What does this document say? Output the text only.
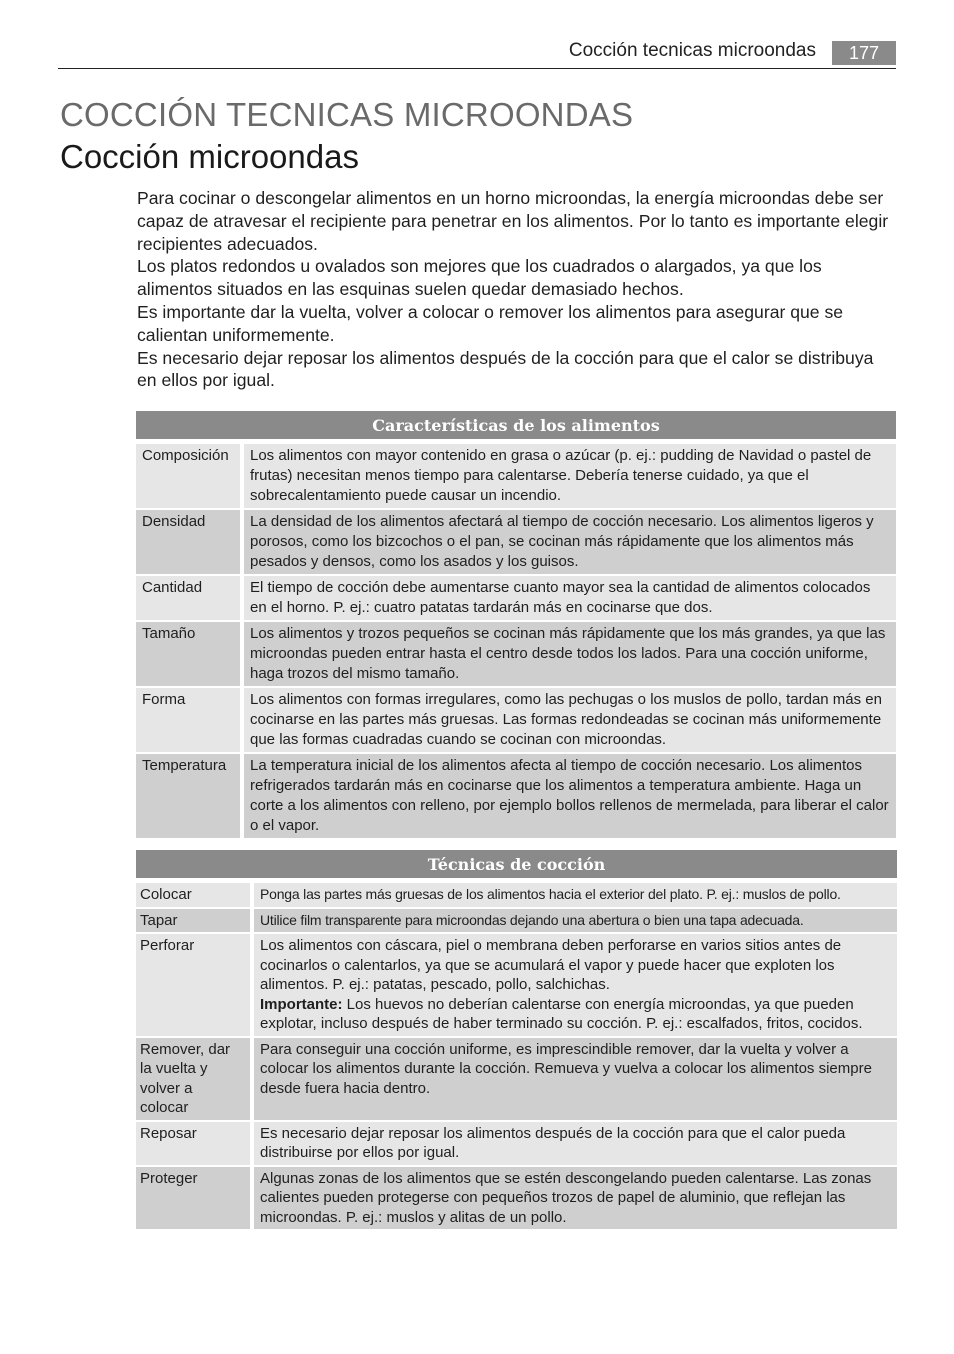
Cocción tecnicas microondas	177
COCCIÓN TECNICAS MICROONDAS
Cocción microondas

Para cocinar o descongelar alimentos en un horno microondas, la energía microondas debe ser capaz de atravesar el recipiente para penetrar en los alimentos. Por lo tanto es importante elegir recipientes adecuados.

Los platos redondos u ovalados son mejores que los cuadrados o alargados, ya que los alimentos situados en las esquinas suelen quedar demasiado hechos.

Es importante dar la vuelta, volver a colocar o remover los alimentos para asegurar que se calientan uniformemente.

Es necesario dejar reposar los alimentos después de la cocción para que el calor se distribuya en ellos por igual.

Características de los alimentos	

Composición	Los alimentos con mayor contenido en grasa o azúcar (p. ej.: pudding de Navidad o pastel de frutas) necesitan menos tiempo para calentarse. Debería tenerse cuidado, ya que el sobrecalentamiento puede causar un incendio.
Densidad	La densidad de los alimentos afectará al tiempo de cocción necesario. Los alimentos ligeros y porosos, como los bizcochos o el pan, se cocinan más rápidamente que los alimentos más pesados y densos, como los asados y los guisos.
Cantidad	El tiempo de cocción debe aumentarse cuanto mayor sea la cantidad de alimentos colocados en el horno. P. ej.: cuatro patatas tardarán más en cocinarse que dos.
Tamaño	Los alimentos y trozos pequeños se cocinan más rápidamente que los más grandes, ya que las microondas pueden entrar hasta el centro desde todos los lados. Para una cocción uniforme, haga trozos del mismo tamaño.
Forma	Los alimentos con formas irregulares, como las pechugas o los muslos de pollo, tardan más en cocinarse en las partes más gruesas. Las formas redondeadas se cocinan más uniformemente que las formas cuadradas cuando se cocinan con microondas.
Temperatura	La temperatura inicial de los alimentos afecta al tiempo de cocción necesario. Los alimentos refrigerados tardarán más en cocinarse que los alimentos a temperatura ambiente. Haga un corte a los alimentos con relleno, por ejemplo bollos rellenos de mermelada, para liberar el calor o el vapor.
Técnicas de cocción	

Colocar	Ponga las partes más gruesas de los alimentos hacia el exterior del plato. P. ej.: muslos de pollo.
Tapar	Utilice film transparente para microondas dejando una abertura o bien una tapa adecuada.
Perforar	Los alimentos con cáscara, piel o membrana deben perforarse en varios sitios antes de cocinarlos o calentarlos, ya que se acumulará el vapor y puede hacer que exploten los alimentos. P. ej.: patatas, pescado, pollo, salchichas.
Importante: Los huevos no deberían calentarse con energía microondas, ya que pueden explotar, incluso después de haber terminado su cocción. P. ej.: escalfados, fritos, cocidos.
Remover, dar la vuelta y volver a colocar	Para conseguir una cocción uniforme, es imprescindible remover, dar la vuelta y volver a colocar los alimentos durante la cocción. Remueva y vuelva a colocar los alimentos siempre desde fuera hacia dentro.
Reposar	Es necesario dejar reposar los alimentos después de la cocción para que el calor pueda distribuirse por ellos por igual.
Proteger	Algunas zonas de los alimentos que se estén descongelando pueden calentarse. Las zonas calientes pueden protegerse con pequeños trozos de papel de aluminio, que reflejan las microondas. P. ej.: muslos y alitas de un pollo.
